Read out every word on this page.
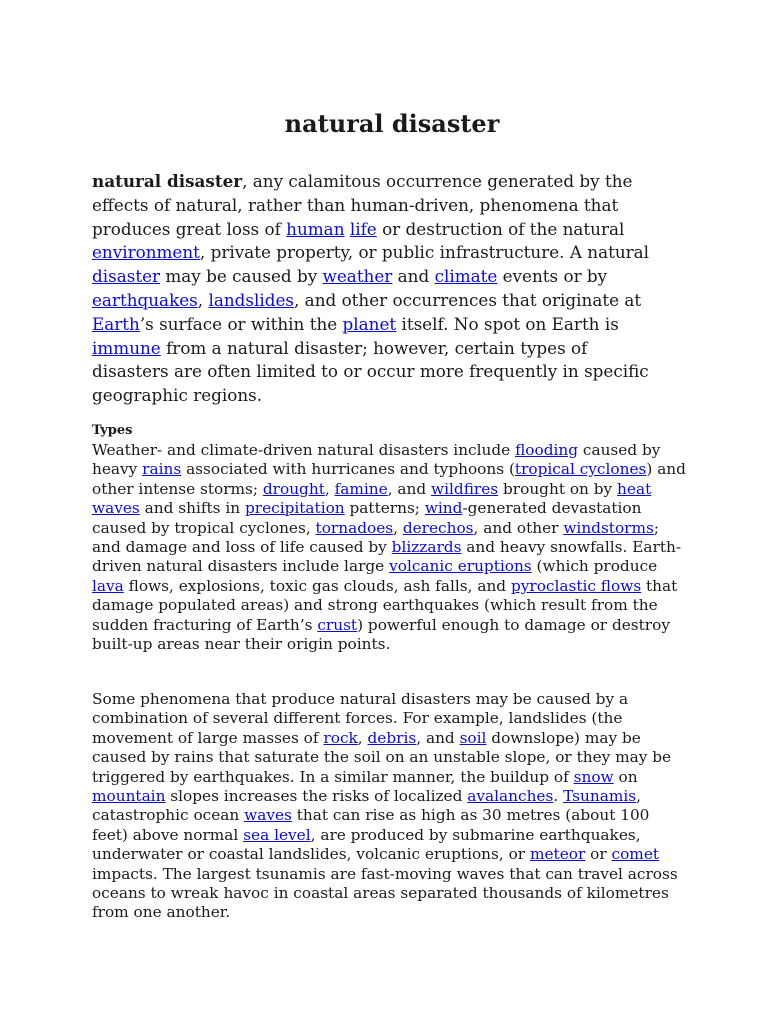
natural disaster

natural disaster, any calamitous occurrence generated by the effects of natural, rather than human-driven, phenomena that produces great loss of human life or destruction of the natural environment, private property, or public infrastructure. A natural disaster may be caused by weather and climate events or by earthquakes, landslides, and other occurrences that originate at Earth’s surface or within the planet itself. No spot on Earth is immune from a natural disaster; however, certain types of disasters are often limited to or occur more frequently in specific geographic regions.

Types

Weather- and climate-driven natural disasters include flooding caused by heavy rains associated with hurricanes and typhoons (tropical cyclones) and other intense storms; drought, famine, and wildfires brought on by heat waves and shifts in precipitation patterns; wind-generated devastation caused by tropical cyclones, tornadoes, derechos, and other windstorms; and damage and loss of life caused by blizzards and heavy snowfalls. Earth-driven natural disasters include large volcanic eruptions (which produce lava flows, explosions, toxic gas clouds, ash falls, and pyroclastic flows that damage populated areas) and strong earthquakes (which result from the sudden fracturing of Earth’s crust) powerful enough to damage or destroy built-up areas near their origin points.

Some phenomena that produce natural disasters may be caused by a combination of several different forces. For example, landslides (the movement of large masses of rock, debris, and soil downslope) may be caused by rains that saturate the soil on an unstable slope, or they may be triggered by earthquakes. In a similar manner, the buildup of snow on mountain slopes increases the risks of localized avalanches. Tsunamis, catastrophic ocean waves that can rise as high as 30 metres (about 100 feet) above normal sea level, are produced by submarine earthquakes, underwater or coastal landslides, volcanic eruptions, or meteor or comet impacts. The largest tsunamis are fast-moving waves that can travel across oceans to wreak havoc in coastal areas separated thousands of kilometres from one another.
